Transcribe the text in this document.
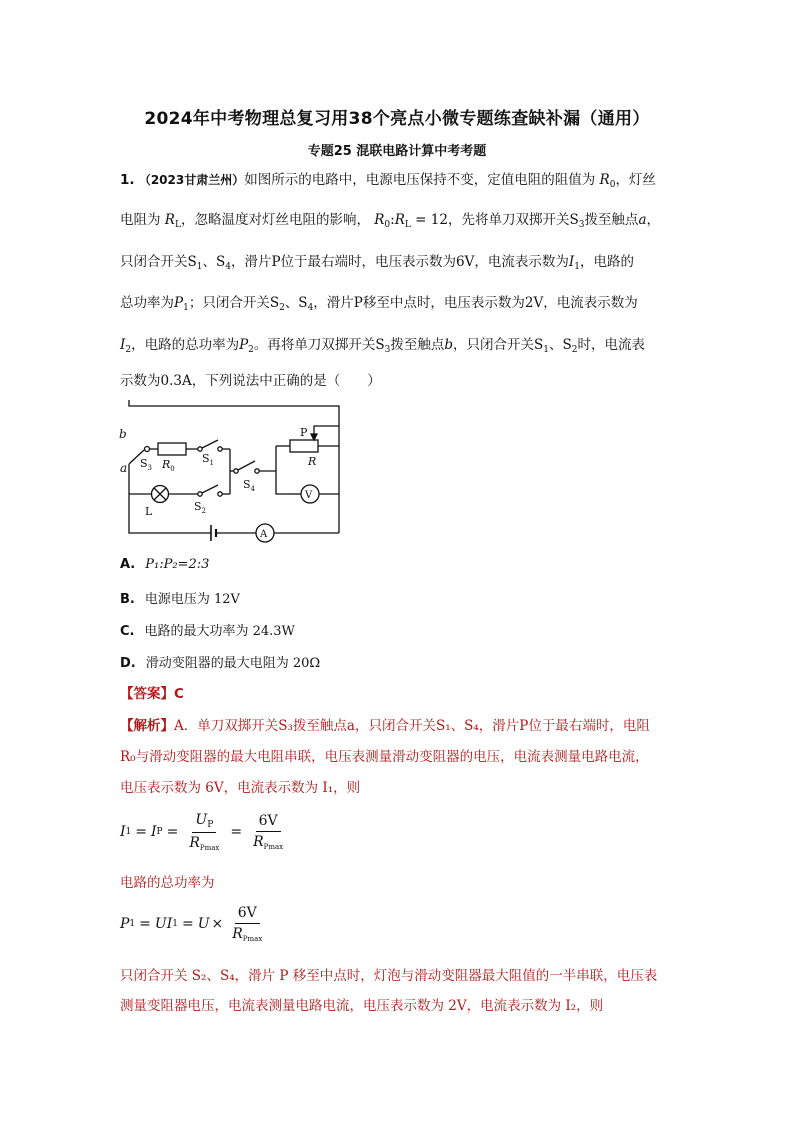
2024年中考物理总复习用38个亮点小微专题练查缺补漏（通用）
专题25 混联电路计算中考考题
1. （2023甘肃兰州）如图所示的电路中，电源电压保持不变，定值电阻的阻值为 $R_0$，灯丝
电阻为 $R_L$，忽略温度对灯丝电阻的影响， $R_0:R_L = 12$，先将单刀双掷开关$S_3$拨至触点a，
只闭合开关$S_1$、$S_4$，滑片P位于最右端时，电压表示数为6V，电流表示数为$I_1$，电路的
总功率为$P_1$；只闭合开关$S_2$、$S_4$，滑片P移至中点时，电压表示数为2V，电流表示数为
$I_2$，电路的总功率为$P_2$。再将单刀双掷开关$S_3$拨至触点b，只闭合开关$S_1$、$S_2$时，电流表
示数为0.3A，下列说法中正确的是（　　）
b
a $S_3$ $R_0$
$S_1$
$S_4$
L	$S_2$
P
R
V
A
A. P₁:P₂=2:3
B. 电源电压为 12V
C. 电路的最大功率为 24.3W
D. 滑动变阻器的最大电阻为 20Ω
【答案】C
【解析】A．单刀双掷开关S₃拨至触点a，只闭合开关S₁、S₄，滑片P位于最右端时，电阻
R₀与滑动变阻器的最大电阻串联，电压表测量滑动变阻器的电压，电流表测量电路电流，
电压表示数为 6V，电流表示数为 I₁，则
I 1 = I $P = \frac{U_P}{R_{Pmax}} = \frac{6V}{R_{Pmax}}$
电路的总功率为
P 1 = U I $1 = U \times \frac{6V}{R_{Pmax}}$
只闭合开关 S₂、S₄，滑片 P 移至中点时，灯泡与滑动变阻器最大阻值的一半串联，电压表
测量变阻器电压，电流表测量电路电流，电压表示数为 2V，电流表示数为 I₂，则
